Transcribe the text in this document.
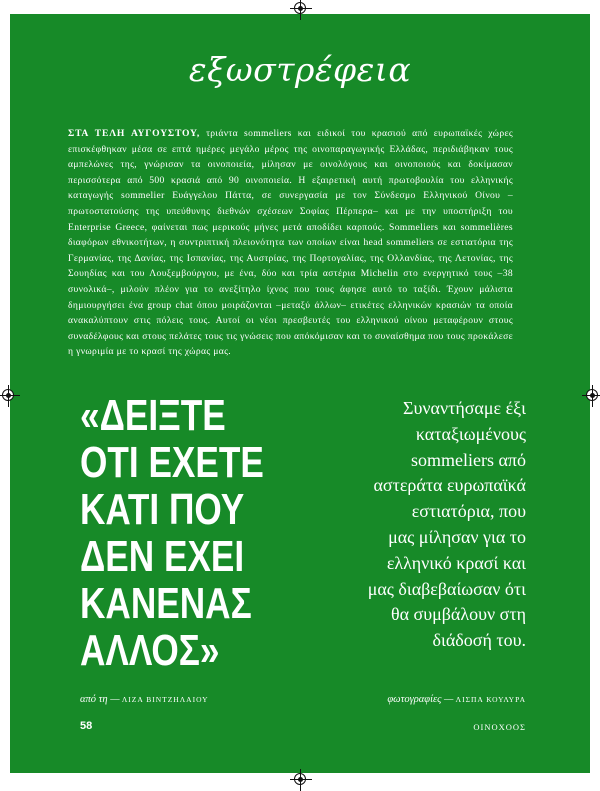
εξωστρέφεια
ΣΤΑ ΤΕΛΗ ΑΥΓΟΥΣΤΟΥ, τριάντα sommeliers και ειδικοί του κρασιού από ευρωπαϊκές χώρες επισκέφθηκαν μέσα σε επτά ημέρες μεγάλο μέρος της οινοπαραγωγικής Ελλάδας, περιδιάβηκαν τους αμπελώνες της, γνώρισαν τα οινοποιεία, μίλησαν με οινολόγους και οινοποιούς και δοκίμασαν περισσότερα από 500 κρασιά από 90 οινοποιεία. Η εξαιρετική αυτή πρωτοβουλία του ελληνικής καταγωγής sommelier Ευάγγελου Πάττα, σε συνεργασία με τον Σύνδεσμο Ελληνικού Οίνου –πρωτοστατούσης της υπεύθυνης διεθνών σχέσεων Σοφίας Πέρπερα– και με την υποστήριξη του Enterprise Greece, φαίνεται πως μερικούς μήνες μετά αποδίδει καρπούς. Sommeliers και sommelières διαφόρων εθνικοτήτων, η συντριπτική πλειονότητα των οποίων είναι head sommeliers σε εστιατόρια της Γερμανίας, της Δανίας, της Ισπανίας, της Αυστρίας, της Πορτογαλίας, της Ολλανδίας, της Λετονίας, της Σουηδίας και του Λουξεμβούργου, με ένα, δύο και τρία αστέρια Michelin στο ενεργητικό τους –38 συνολικά–, μιλούν πλέον για το ανεξίτηλο ίχνος που τους άφησε αυτό το ταξίδι. Έχουν μάλιστα δημιουργήσει ένα group chat όπου μοιράζονται –μεταξύ άλλων– ετικέτες ελληνικών κρασιών τα οποία ανακαλύπτουν στις πόλεις τους. Αυτοί οι νέοι πρεσβευτές του ελληνικού οίνου μεταφέρουν στους συναδέλφους και στους πελάτες τους τις γνώσεις που απόκόμισαν και το συναίσθημα που τους προκάλεσε η γνωριμία με το κρασί της χώρας μας.
«ΔΕΙΞΤΕ
ΟΤΙ ΕΧΕΤΕ
ΚΑΤΙ ΠΟΥ
ΔΕΝ ΕΧΕΙ
ΚΑΝΕΝΑΣ
ΑΛΛΟΣ»
Συναντήσαμε έξι
καταξιωμένους
sommeliers από
αστεράτα ευρωπαϊκά
εστιατόρια, που
μας μίλησαν για το
ελληνικό κρασί και
μας διαβεβαίωσαν ότι
θα συμβάλουν στη
διάδοσή του.
από τη — ΛΙΖΑ ΒΙΝΤΖΗΛΑΙΟΥ	φωτογραφίες — ΛΙΣΠΑ ΚΟΥΛΥΡΑ
58	ΟΙΝΟΧΟΟΣ
